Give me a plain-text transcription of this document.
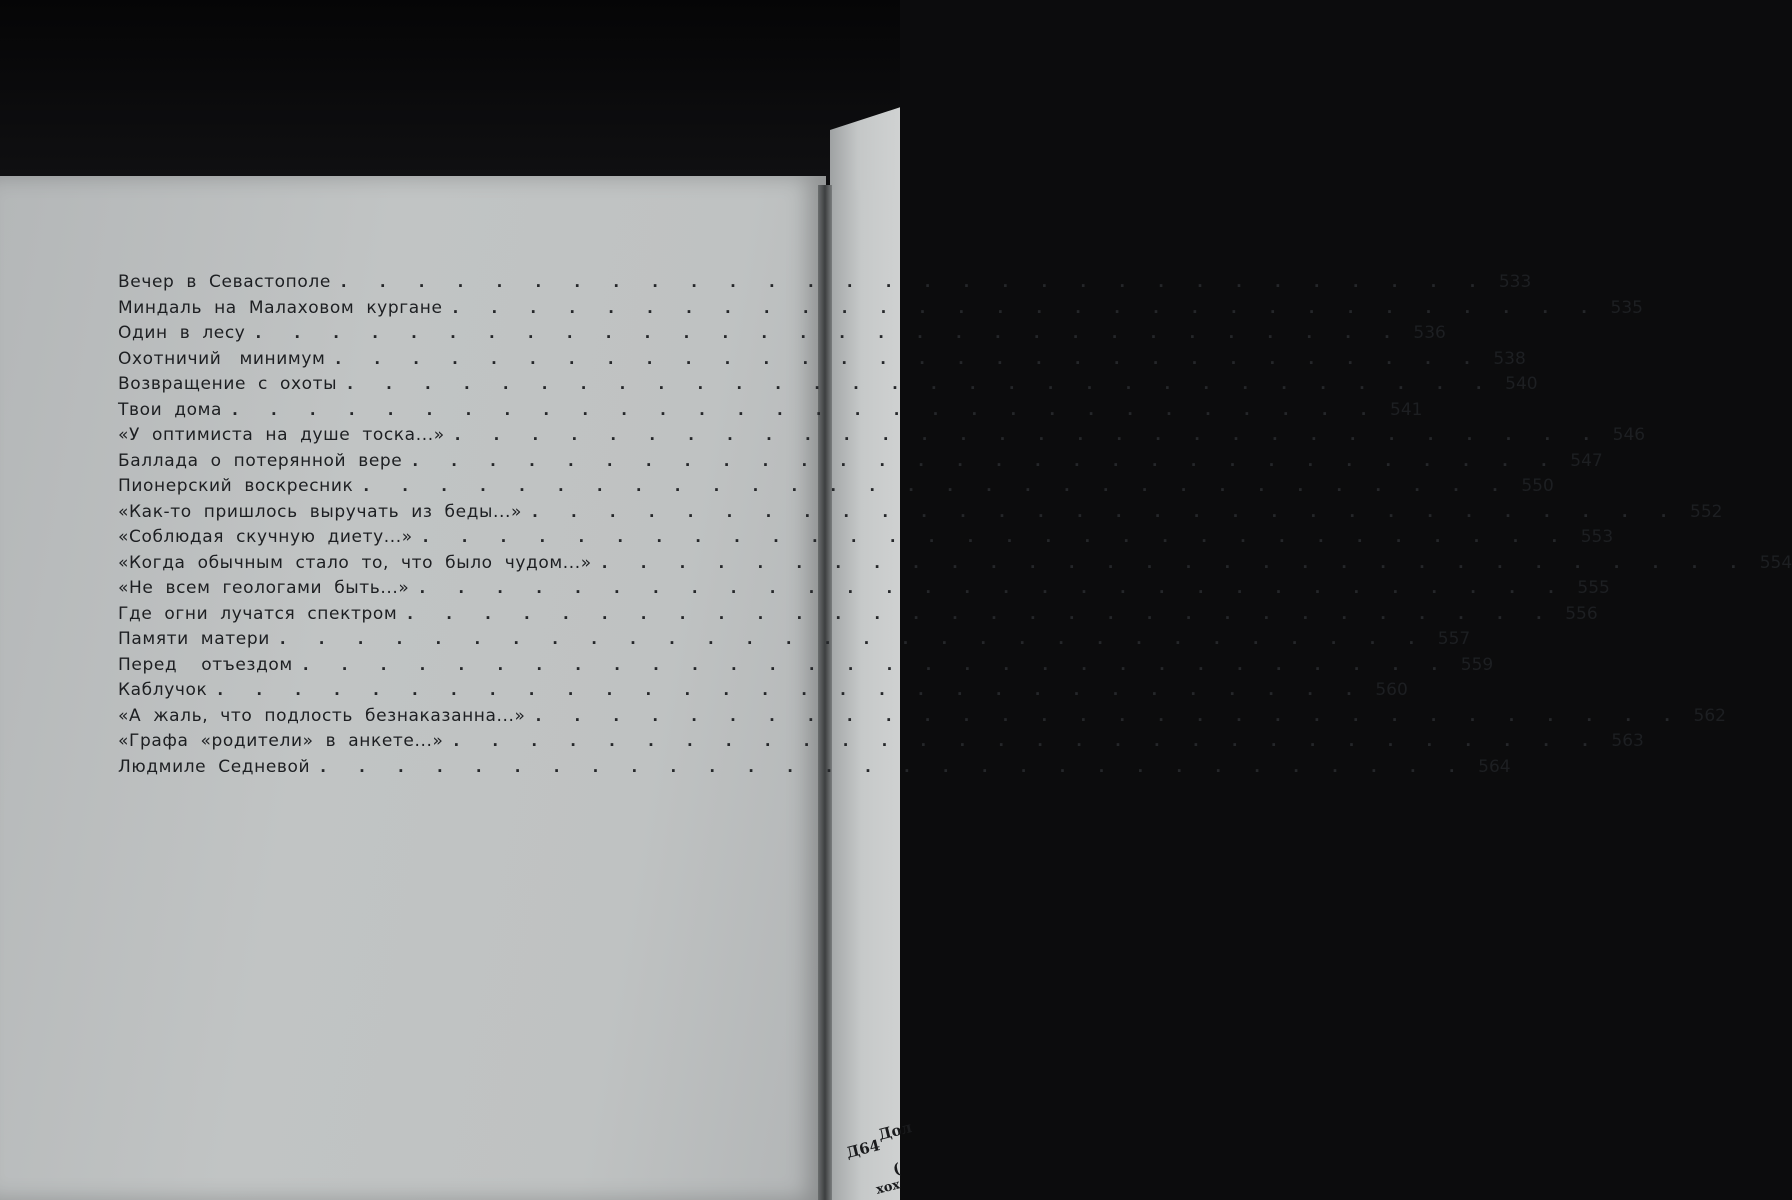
Вечер  в  Севастополе . . . . . . . . . . . . . . . . . . . . . . . . . . . . . . 533
Миндаль  на  Малаховом  кургане . . . . . . . . . . . . . . . . . . . . . . . . . . . . . . 535
Один  в  лесу . . . . . . . . . . . . . . . . . . . . . . . . . . . . . . 536
Охотничий   минимум . . . . . . . . . . . . . . . . . . . . . . . . . . . . . . 538
Возвращение  с  охоты . . . . . . . . . . . . . . . . . . . . . . . . . . . . . . 540
Твои  дома . . . . . . . . . . . . . . . . . . . . . . . . . . . . . . 541
«У  оптимиста  на  душе  тоска...» . . . . . . . . . . . . . . . . . . . . . . . . . . . . . . 546
Баллада  о  потерянной  вере . . . . . . . . . . . . . . . . . . . . . . . . . . . . . . 547
Пионерский  воскресник . . . . . . . . . . . . . . . . . . . . . . . . . . . . . . 550
«Как-то  пришлось  выручать  из  беды...» . . . . . . . . . . . . . . . . . . . . . . . . . . . . . . 552
«Соблюдая  скучную  диету...» . . . . . . . . . . . . . . . . . . . . . . . . . . . . . . 553
«Когда  обычным  стало  то,  что  было  чудом...» . . . . . . . . . . . . . . . . . . . . . . . . . . . . . . 554
«Не  всем  геологами  быть...» . . . . . . . . . . . . . . . . . . . . . . . . . . . . . . 555
Где  огни  лучатся  спектром . . . . . . . . . . . . . . . . . . . . . . . . . . . . . . 556
Памяти  матери . . . . . . . . . . . . . . . . . . . . . . . . . . . . . . 557
Перед    отъездом . . . . . . . . . . . . . . . . . . . . . . . . . . . . . . 559
Каблучок . . . . . . . . . . . . . . . . . . . . . . . . . . . . . . 560
«А  жаль,  что  подлость  безнаказанна...» . . . . . . . . . . . . . . . . . . . . . . . . . . . . . . 562
«Графа  «родители»  в  анкете...» . . . . . . . . . . . . . . . . . . . . . . . . . . . . . . 563
Людмиле  Седневой . . . . . . . . . . . . . . . . . . . . . . . . . . . . . . 564
Дол
Д64
(
хох
